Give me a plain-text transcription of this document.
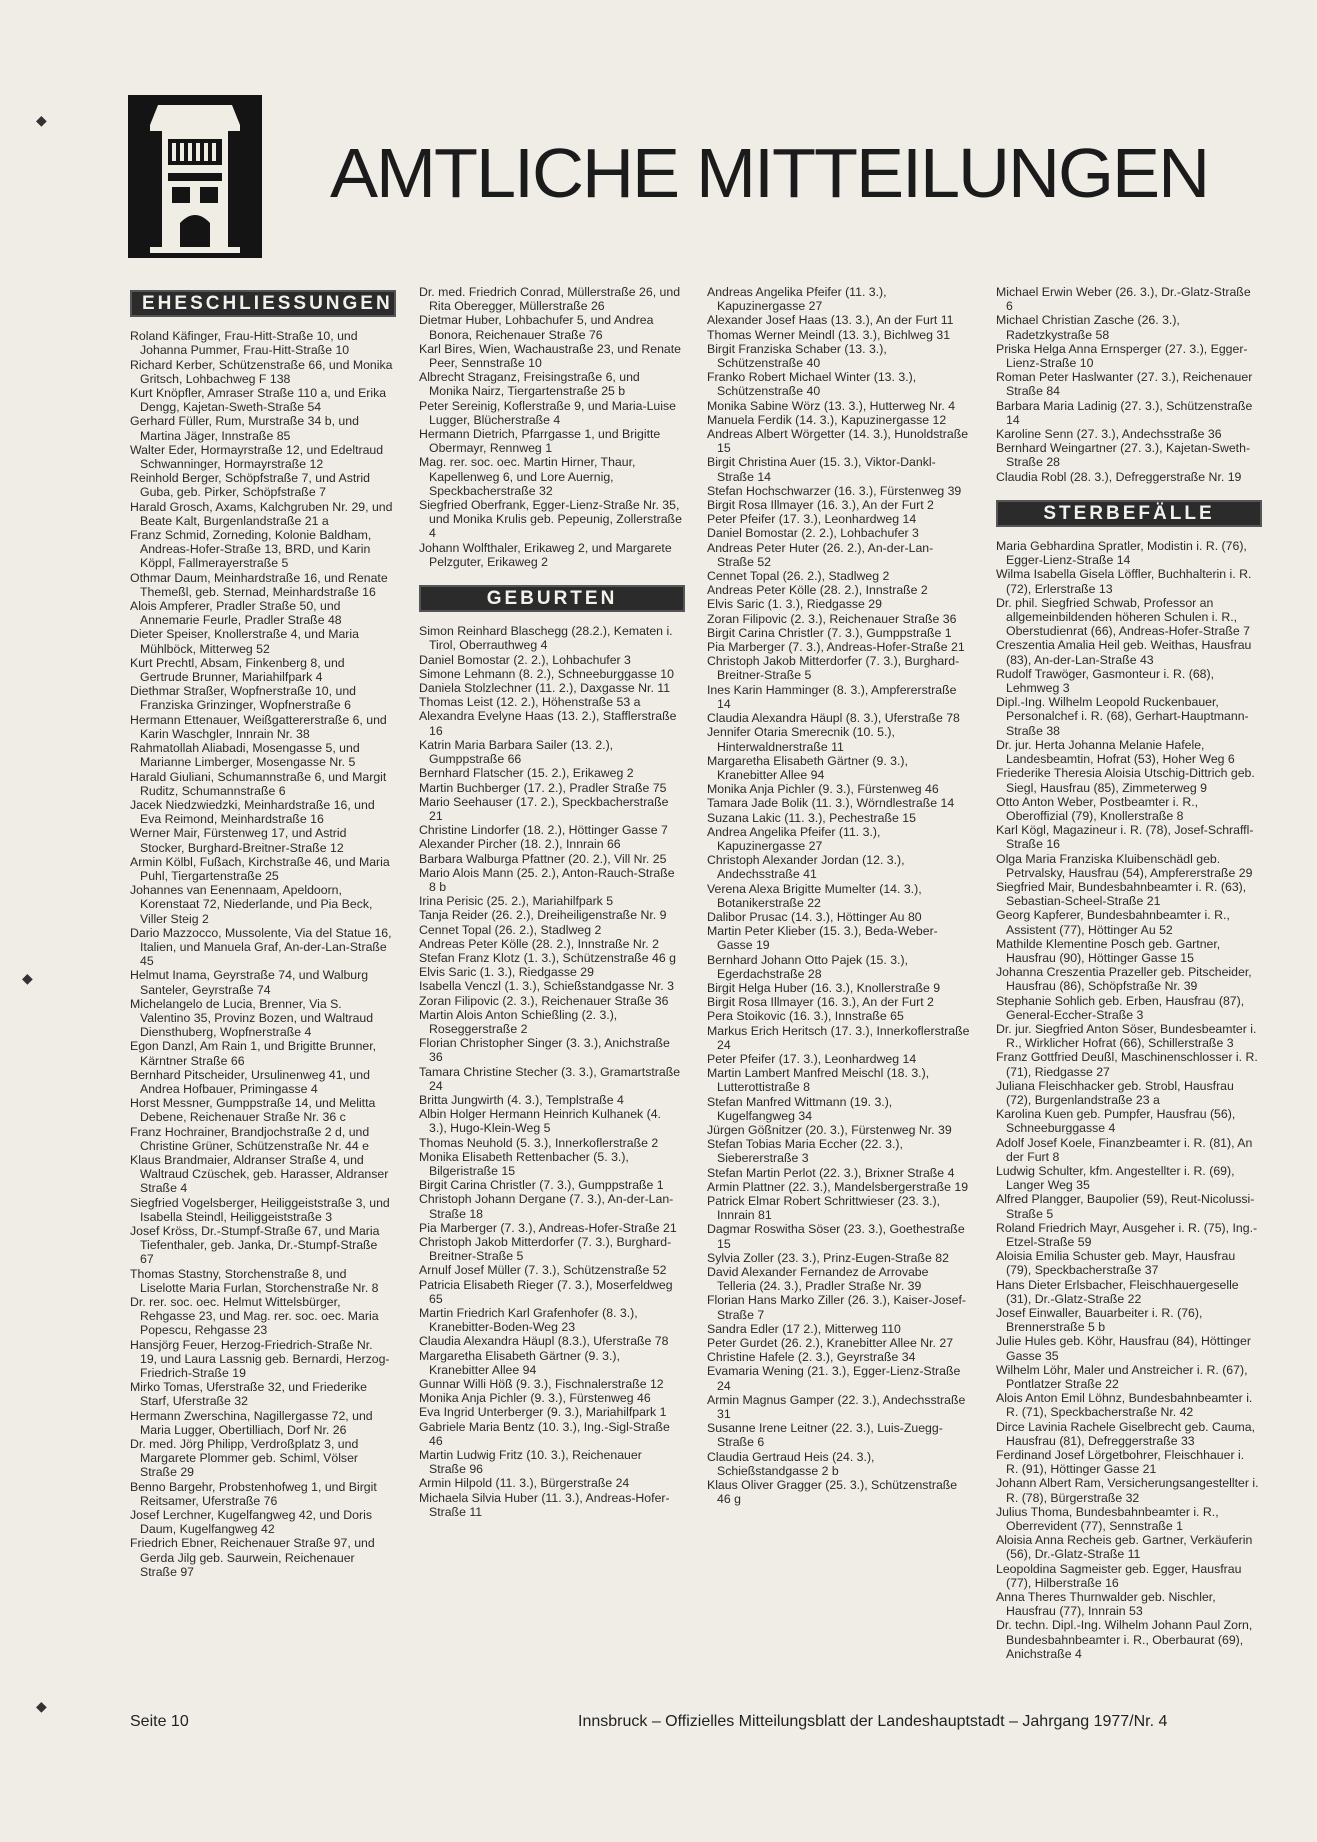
AMTLICHE MITTEILUNGEN
EHESCHLIESSUNGEN
Roland Käfinger, Frau-Hitt-Straße 10, und Johanna Pummer, Frau-Hitt-Straße 10
Richard Kerber, Schützenstraße 66, und Monika Gritsch, Lohbachweg F 138
Kurt Knöpfler, Amraser Straße 110 a, und Erika Dengg, Kajetan-Sweth-Straße 54
Gerhard Füller, Rum, Murstraße 34 b, und Martina Jäger, Innstraße 85
Walter Eder, Hormayrstraße 12, und Edeltraud Schwanninger, Hormayrstraße 12
Reinhold Berger, Schöpfstraße 7, und Astrid Guba, geb. Pirker, Schöpfstraße 7
Harald Grosch, Axams, Kalchgruben Nr. 29, und Beate Kalt, Burgenlandstraße 21 a
Franz Schmid, Zorneding, Kolonie Baldham, Andreas-Hofer-Straße 13, BRD, und Karin Köppl, Fallmerayerstraße 5
Othmar Daum, Meinhardstraße 16, und Renate Themeßl, geb. Sternad, Meinhardstraße 16
Alois Ampferer, Pradler Straße 50, und Annemarie Feurle, Pradler Straße 48
Dieter Speiser, Knollerstraße 4, und Maria Mühlböck, Mitterweg 52
Kurt Prechtl, Absam, Finkenberg 8, und Gertrude Brunner, Mariahilfpark 4
Diethmar Straßer, Wopfnerstraße 10, und Franziska Grinzinger, Wopfnerstraße 6
Hermann Ettenauer, Weißgattererstraße 6, und Karin Waschgler, Innrain Nr. 38
Rahmatollah Aliabadi, Mosengasse 5, und Marianne Limberger, Mosengasse Nr. 5
Harald Giuliani, Schumannstraße 6, und Margit Ruditz, Schumannstraße 6
Jacek Niedzwiedzki, Meinhardstraße 16, und Eva Reimond, Meinhardstraße 16
Werner Mair, Fürstenweg 17, und Astrid Stocker, Burghard-Breitner-Straße 12
Armin Kölbl, Fußach, Kirchstraße 46, und Maria Puhl, Tiergartenstraße 25
Johannes van Eenennaam, Apeldoorn, Korenstaat 72, Niederlande, und Pia Beck, Viller Steig 2
Dario Mazzocco, Mussolente, Via del Statue 16, Italien, und Manuela Graf, An-der-Lan-Straße 45
Helmut Inama, Geyrstraße 74, und Walburg Santeler, Geyrstraße 74
Michelangelo de Lucia, Brenner, Via S. Valentino 35, Provinz Bozen, und Waltraud Diensthuberg, Wopfnerstraße 4
Egon Danzl, Am Rain 1, und Brigitte Brunner, Kärntner Straße 66
Bernhard Pitscheider, Ursulinenweg 41, und Andrea Hofbauer, Primingasse 4
Horst Messner, Gumppstraße 14, und Melitta Debene, Reichenauer Straße Nr. 36 c
Franz Hochrainer, Brandjochstraße 2 d, und Christine Grüner, Schützenstraße Nr. 44 e
Klaus Brandmaier, Aldranser Straße 4, und Waltraud Czüschek, geb. Harasser, Aldranser Straße 4
Siegfried Vogelsberger, Heiliggeiststraße 3, und Isabella Steindl, Heiliggeiststraße 3
Josef Kröss, Dr.-Stumpf-Straße 67, und Maria Tiefenthaler, geb. Janka, Dr.-Stumpf-Straße 67
Thomas Stastny, Storchenstraße 8, und Liselotte Maria Furlan, Storchenstraße Nr. 8
Dr. rer. soc. oec. Helmut Wittelsbürger, Rehgasse 23, und Mag. rer. soc. oec. Maria Popescu, Rehgasse 23
Hansjörg Feuer, Herzog-Friedrich-Straße Nr. 19, und Laura Lassnig geb. Bernardi, Herzog-Friedrich-Straße 19
Mirko Tomas, Uferstraße 32, und Friederike Starf, Uferstraße 32
Hermann Zwerschina, Nagillergasse 72, und Maria Lugger, Obertilliach, Dorf Nr. 26
Dr. med. Jörg Philipp, Verdroßplatz 3, und Margarete Plommer geb. Schiml, Völser Straße 29
Benno Bargehr, Probstenhofweg 1, und Birgit Reitsamer, Uferstraße 76
Josef Lerchner, Kugelfangweg 42, und Doris Daum, Kugelfangweg 42
Friedrich Ebner, Reichenauer Straße 97, und Gerda Jilg geb. Saurwein, Reichenauer Straße 97
Dr. med. Friedrich Conrad, Müllerstraße 26, und Rita Oberegger, Müllerstraße 26
Dietmar Huber, Lohbachufer 5, und Andrea Bonora, Reichenauer Straße 76
Karl Bires, Wien, Wachaustraße 23, und Renate Peer, Sennstraße 10
Albrecht Straganz, Freisingstraße 6, und Monika Nairz, Tiergartenstraße 25 b
Peter Sereinig, Koflerstraße 9, und Maria-Luise Lugger, Blücherstraße 4
Hermann Dietrich, Pfarrgasse 1, und Brigitte Obermayr, Rennweg 1
Mag. rer. soc. oec. Martin Hirner, Thaur, Kapellenweg 6, und Lore Auernig, Speckbacherstraße 32
Siegfried Oberfrank, Egger-Lienz-Straße Nr. 35, und Monika Krulis geb. Pepeunig, Zollerstraße 4
Johann Wolfthaler, Erikaweg 2, und Margarete Pelzguter, Erikaweg 2
GEBURTEN
Simon Reinhard Blaschegg (28.2.), Kematen i. Tirol, Oberrauthweg 4
Daniel Bomostar (2. 2.), Lohbachufer 3
Simone Lehmann (8. 2.), Schneeburggasse 10
Daniela Stolzlechner (11. 2.), Daxgasse Nr. 11
Thomas Leist (12. 2.), Höhenstraße 53 a
Alexandra Evelyne Haas (13. 2.), Stafflerstraße 16
Katrin Maria Barbara Sailer (13. 2.), Gumppstraße 66
Bernhard Flatscher (15. 2.), Erikaweg 2
Martin Buchberger (17. 2.), Pradler Straße 75
Mario Seehauser (17. 2.), Speckbacherstraße 21
Christine Lindorfer (18. 2.), Höttinger Gasse 7
Alexander Pircher (18. 2.), Innrain 66
Barbara Walburga Pfattner (20. 2.), Vill Nr. 25
Mario Alois Mann (25. 2.), Anton-Rauch-Straße 8 b
Irina Perisic (25. 2.), Mariahilfpark 5
Tanja Reider (26. 2.), Dreiheiligenstraße Nr. 9
Cennet Topal (26. 2.), Stadlweg 2
Andreas Peter Kölle (28. 2.), Innstraße Nr. 2
Stefan Franz Klotz (1. 3.), Schützenstraße 46 g
Elvis Saric (1. 3.), Riedgasse 29
Isabella Venczl (1. 3.), Schießstandgasse Nr. 3
Zoran Filipovic (2. 3.), Reichenauer Straße 36
Martin Alois Anton Schießling (2. 3.), Roseggerstraße 2
Florian Christopher Singer (3. 3.), Anichstraße 36
Tamara Christine Stecher (3. 3.), Gramartstraße 24
Britta Jungwirth (4. 3.), Templstraße 4
Albin Holger Hermann Heinrich Kulhanek (4. 3.), Hugo-Klein-Weg 5
Thomas Neuhold (5. 3.), Innerkoflerstraße 2
Monika Elisabeth Rettenbacher (5. 3.), Bilgeristraße 15
Birgit Carina Christler (7. 3.), Gumppstraße 1
Christoph Johann Dergane (7. 3.), An-der-Lan-Straße 18
Pia Marberger (7. 3.), Andreas-Hofer-Straße 21
Christoph Jakob Mitterdorfer (7. 3.), Burghard-Breitner-Straße 5
Arnulf Josef Müller (7. 3.), Schützenstraße 52
Patricia Elisabeth Rieger (7. 3.), Moserfeldweg 65
Martin Friedrich Karl Grafenhofer (8. 3.), Kranebitter-Boden-Weg 23
Claudia Alexandra Häupl (8.3.), Uferstraße 78
Margaretha Elisabeth Gärtner (9. 3.), Kranebitter Allee 94
Gunnar Willi Höß (9. 3.), Fischnalerstraße 12
Monika Anja Pichler (9. 3.), Fürstenweg 46
Eva Ingrid Unterberger (9. 3.), Mariahilfpark 1
Gabriele Maria Bentz (10. 3.), Ing.-Sigl-Straße 46
Martin Ludwig Fritz (10. 3.), Reichenauer Straße 96
Armin Hilpold (11. 3.), Bürgerstraße 24
Michaela Silvia Huber (11. 3.), Andreas-Hofer-Straße 11
Andreas Angelika Pfeifer (11. 3.), Kapuzinergasse 27
Alexander Josef Haas (13. 3.), An der Furt 11
Thomas Werner Meindl (13. 3.), Bichlweg 31
Birgit Franziska Schaber (13. 3.), Schützenstraße 40
Franko Robert Michael Winter (13. 3.), Schützenstraße 40
Monika Sabine Wörz (13. 3.), Hutterweg Nr. 4
Manuela Ferdik (14. 3.), Kapuzinergasse 12
Andreas Albert Wörgetter (14. 3.), Hunoldstraße 15
Birgit Christina Auer (15. 3.), Viktor-Dankl-Straße 14
Stefan Hochschwarzer (16. 3.), Fürstenweg 39
Birgit Rosa Illmayer (16. 3.), An der Furt 2
Peter Pfeifer (17. 3.), Leonhardweg 14
Daniel Bomostar (2. 2.), Lohbachufer 3
Andreas Peter Huter (26. 2.), An-der-Lan-Straße 52
Cennet Topal (26. 2.), Stadlweg 2
Andreas Peter Kölle (28. 2.), Innstraße 2
Elvis Saric (1. 3.), Riedgasse 29
Zoran Filipovic (2. 3.), Reichenauer Straße 36
Birgit Carina Christler (7. 3.), Gumppstraße 1
Pia Marberger (7. 3.), Andreas-Hofer-Straße 21
Christoph Jakob Mitterdorfer (7. 3.), Burghard-Breitner-Straße 5
Ines Karin Hamminger (8. 3.), Ampfererstraße 14
Claudia Alexandra Häupl (8. 3.), Uferstraße 78
Jennifer Otaria Smerecnik (10. 5.), Hinterwaldnerstraße 11
Margaretha Elisabeth Gärtner (9. 3.), Kranebitter Allee 94
Monika Anja Pichler (9. 3.), Fürstenweg 46
Tamara Jade Bolik (11. 3.), Wörndlestraße 14
Suzana Lakic (11. 3.), Pechestraße 15
Andrea Angelika Pfeifer (11. 3.), Kapuzinergasse 27
Christoph Alexander Jordan (12. 3.), Andechsstraße 41
Verena Alexa Brigitte Mumelter (14. 3.), Botanikerstraße 22
Dalibor Prusac (14. 3.), Höttinger Au 80
Martin Peter Klieber (15. 3.), Beda-Weber-Gasse 19
Bernhard Johann Otto Pajek (15. 3.), Egerdachstraße 28
Birgit Helga Huber (16. 3.), Knollerstraße 9
Birgit Rosa Illmayer (16. 3.), An der Furt 2
Pera Stoikovic (16. 3.), Innstraße 65
Markus Erich Heritsch (17. 3.), Innerkoflerstraße 24
Peter Pfeifer (17. 3.), Leonhardweg 14
Martin Lambert Manfred Meischl (18. 3.), Lutterottistraße 8
Stefan Manfred Wittmann (19. 3.), Kugelfangweg 34
Jürgen Gößnitzer (20. 3.), Fürstenweg Nr. 39
Stefan Tobias Maria Eccher (22. 3.), Siebererstraße 3
Stefan Martin Perlot (22. 3.), Brixner Straße 4
Armin Plattner (22. 3.), Mandelsbergerstraße 19
Patrick Elmar Robert Schrittwieser (23. 3.), Innrain 81
Dagmar Roswitha Söser (23. 3.), Goethestraße 15
Sylvia Zoller (23. 3.), Prinz-Eugen-Straße 82
David Alexander Fernandez de Arrovabe Telleria (24. 3.), Pradler Straße Nr. 39
Florian Hans Marko Ziller (26. 3.), Kaiser-Josef-Straße 7
Sandra Edler (17 2.), Mitterweg 110
Peter Gurdet (26. 2.), Kranebitter Allee Nr. 27
Christine Hafele (2. 3.), Geyrstraße 34
Evamaria Wening (21. 3.), Egger-Lienz-Straße 24
Armin Magnus Gamper (22. 3.), Andechsstraße 31
Susanne Irene Leitner (22. 3.), Luis-Zuegg-Straße 6
Claudia Gertraud Heis (24. 3.), Schießstandgasse 2 b
Klaus Oliver Gragger (25. 3.), Schützenstraße 46 g
Michael Erwin Weber (26. 3.), Dr.-Glatz-Straße 6
Michael Christian Zasche (26. 3.), Radetzkystraße 58
Priska Helga Anna Ernsperger (27. 3.), Egger-Lienz-Straße 10
Roman Peter Haslwanter (27. 3.), Reichenauer Straße 84
Barbara Maria Ladinig (27. 3.), Schützenstraße 14
Karoline Senn (27. 3.), Andechsstraße 36
Bernhard Weingartner (27. 3.), Kajetan-Sweth-Straße 28
Claudia Robl (28. 3.), Defreggerstraße Nr. 19
STERBEFÄLLE
Maria Gebhardina Spratler, Modistin i. R. (76), Egger-Lienz-Straße 14
Wilma Isabella Gisela Löffler, Buchhalterin i. R. (72), Erlerstraße 13
Dr. phil. Siegfried Schwab, Professor an allgemeinbildenden höheren Schulen i. R., Oberstudienrat (66), Andreas-Hofer-Straße 7
Creszentia Amalia Heil geb. Weithas, Hausfrau (83), An-der-Lan-Straße 43
Rudolf Trawöger, Gasmonteur i. R. (68), Lehmweg 3
Dipl.-Ing. Wilhelm Leopold Ruckenbauer, Personalchef i. R. (68), Gerhart-Hauptmann-Straße 38
Dr. jur. Herta Johanna Melanie Hafele, Landesbeamtin, Hofrat (53), Hoher Weg 6
Friederike Theresia Aloisia Utschig-Dittrich geb. Siegl, Hausfrau (85), Zimmeterweg 9
Otto Anton Weber, Postbeamter i. R., Oberoffizial (79), Knollerstraße 8
Karl Kögl, Magazineur i. R. (78), Josef-Schraffl-Straße 16
Olga Maria Franziska Kluibenschädl geb. Petrvalsky, Hausfrau (54), Ampfererstraße 29
Siegfried Mair, Bundesbahnbeamter i. R. (63), Sebastian-Scheel-Straße 21
Georg Kapferer, Bundesbahnbeamter i. R., Assistent (77), Höttinger Au 52
Mathilde Klementine Posch geb. Gartner, Hausfrau (90), Höttinger Gasse 15
Johanna Creszentia Prazeller geb. Pitscheider, Hausfrau (86), Schöpfstraße Nr. 39
Stephanie Sohlich geb. Erben, Hausfrau (87), General-Eccher-Straße 3
Dr. jur. Siegfried Anton Söser, Bundesbeamter i. R., Wirklicher Hofrat (66), Schillerstraße 3
Franz Gottfried Deußl, Maschinenschlosser i. R. (71), Riedgasse 27
Juliana Fleischhacker geb. Strobl, Hausfrau (72), Burgenlandstraße 23 a
Karolina Kuen geb. Pumpfer, Hausfrau (56), Schneeburggasse 4
Adolf Josef Koele, Finanzbeamter i. R. (81), An der Furt 8
Ludwig Schulter, kfm. Angestellter i. R. (69), Langer Weg 35
Alfred Plangger, Baupolier (59), Reut-Nicolussi-Straße 5
Roland Friedrich Mayr, Ausgeher i. R. (75), Ing.-Etzel-Straße 59
Aloisia Emilia Schuster geb. Mayr, Hausfrau (79), Speckbacherstraße 37
Hans Dieter Erlsbacher, Fleischhauergeselle (31), Dr.-Glatz-Straße 22
Josef Einwaller, Bauarbeiter i. R. (76), Brennerstraße 5 b
Julie Hules geb. Köhr, Hausfrau (84), Höttinger Gasse 35
Wilhelm Löhr, Maler und Anstreicher i. R. (67), Pontlatzer Straße 22
Alois Anton Emil Löhnz, Bundesbahnbeamter i. R. (71), Speckbacherstraße Nr. 42
Dirce Lavinia Rachele Giselbrecht geb. Cauma, Hausfrau (81), Defreggerstraße 33
Ferdinand Josef Lörgetbohrer, Fleischhauer i. R. (91), Höttinger Gasse 21
Johann Albert Ram, Versicherungsangestellter i. R. (78), Bürgerstraße 32
Julius Thoma, Bundesbahnbeamter i. R., Oberrevident (77), Sennstraße 1
Aloisia Anna Recheis geb. Gartner, Verkäuferin (56), Dr.-Glatz-Straße 11
Leopoldina Sagmeister geb. Egger, Hausfrau (77), Hilberstraße 16
Anna Theres Thurnwalder geb. Nischler, Hausfrau (77), Innrain 53
Dr. techn. Dipl.-Ing. Wilhelm Johann Paul Zorn, Bundesbahnbeamter i. R., Oberbaurat (69), Anichstraße 4
Seite 10	Innsbruck – Offizielles Mitteilungsblatt der Landeshauptstadt – Jahrgang 1977/Nr. 4
◆
◆
◆
